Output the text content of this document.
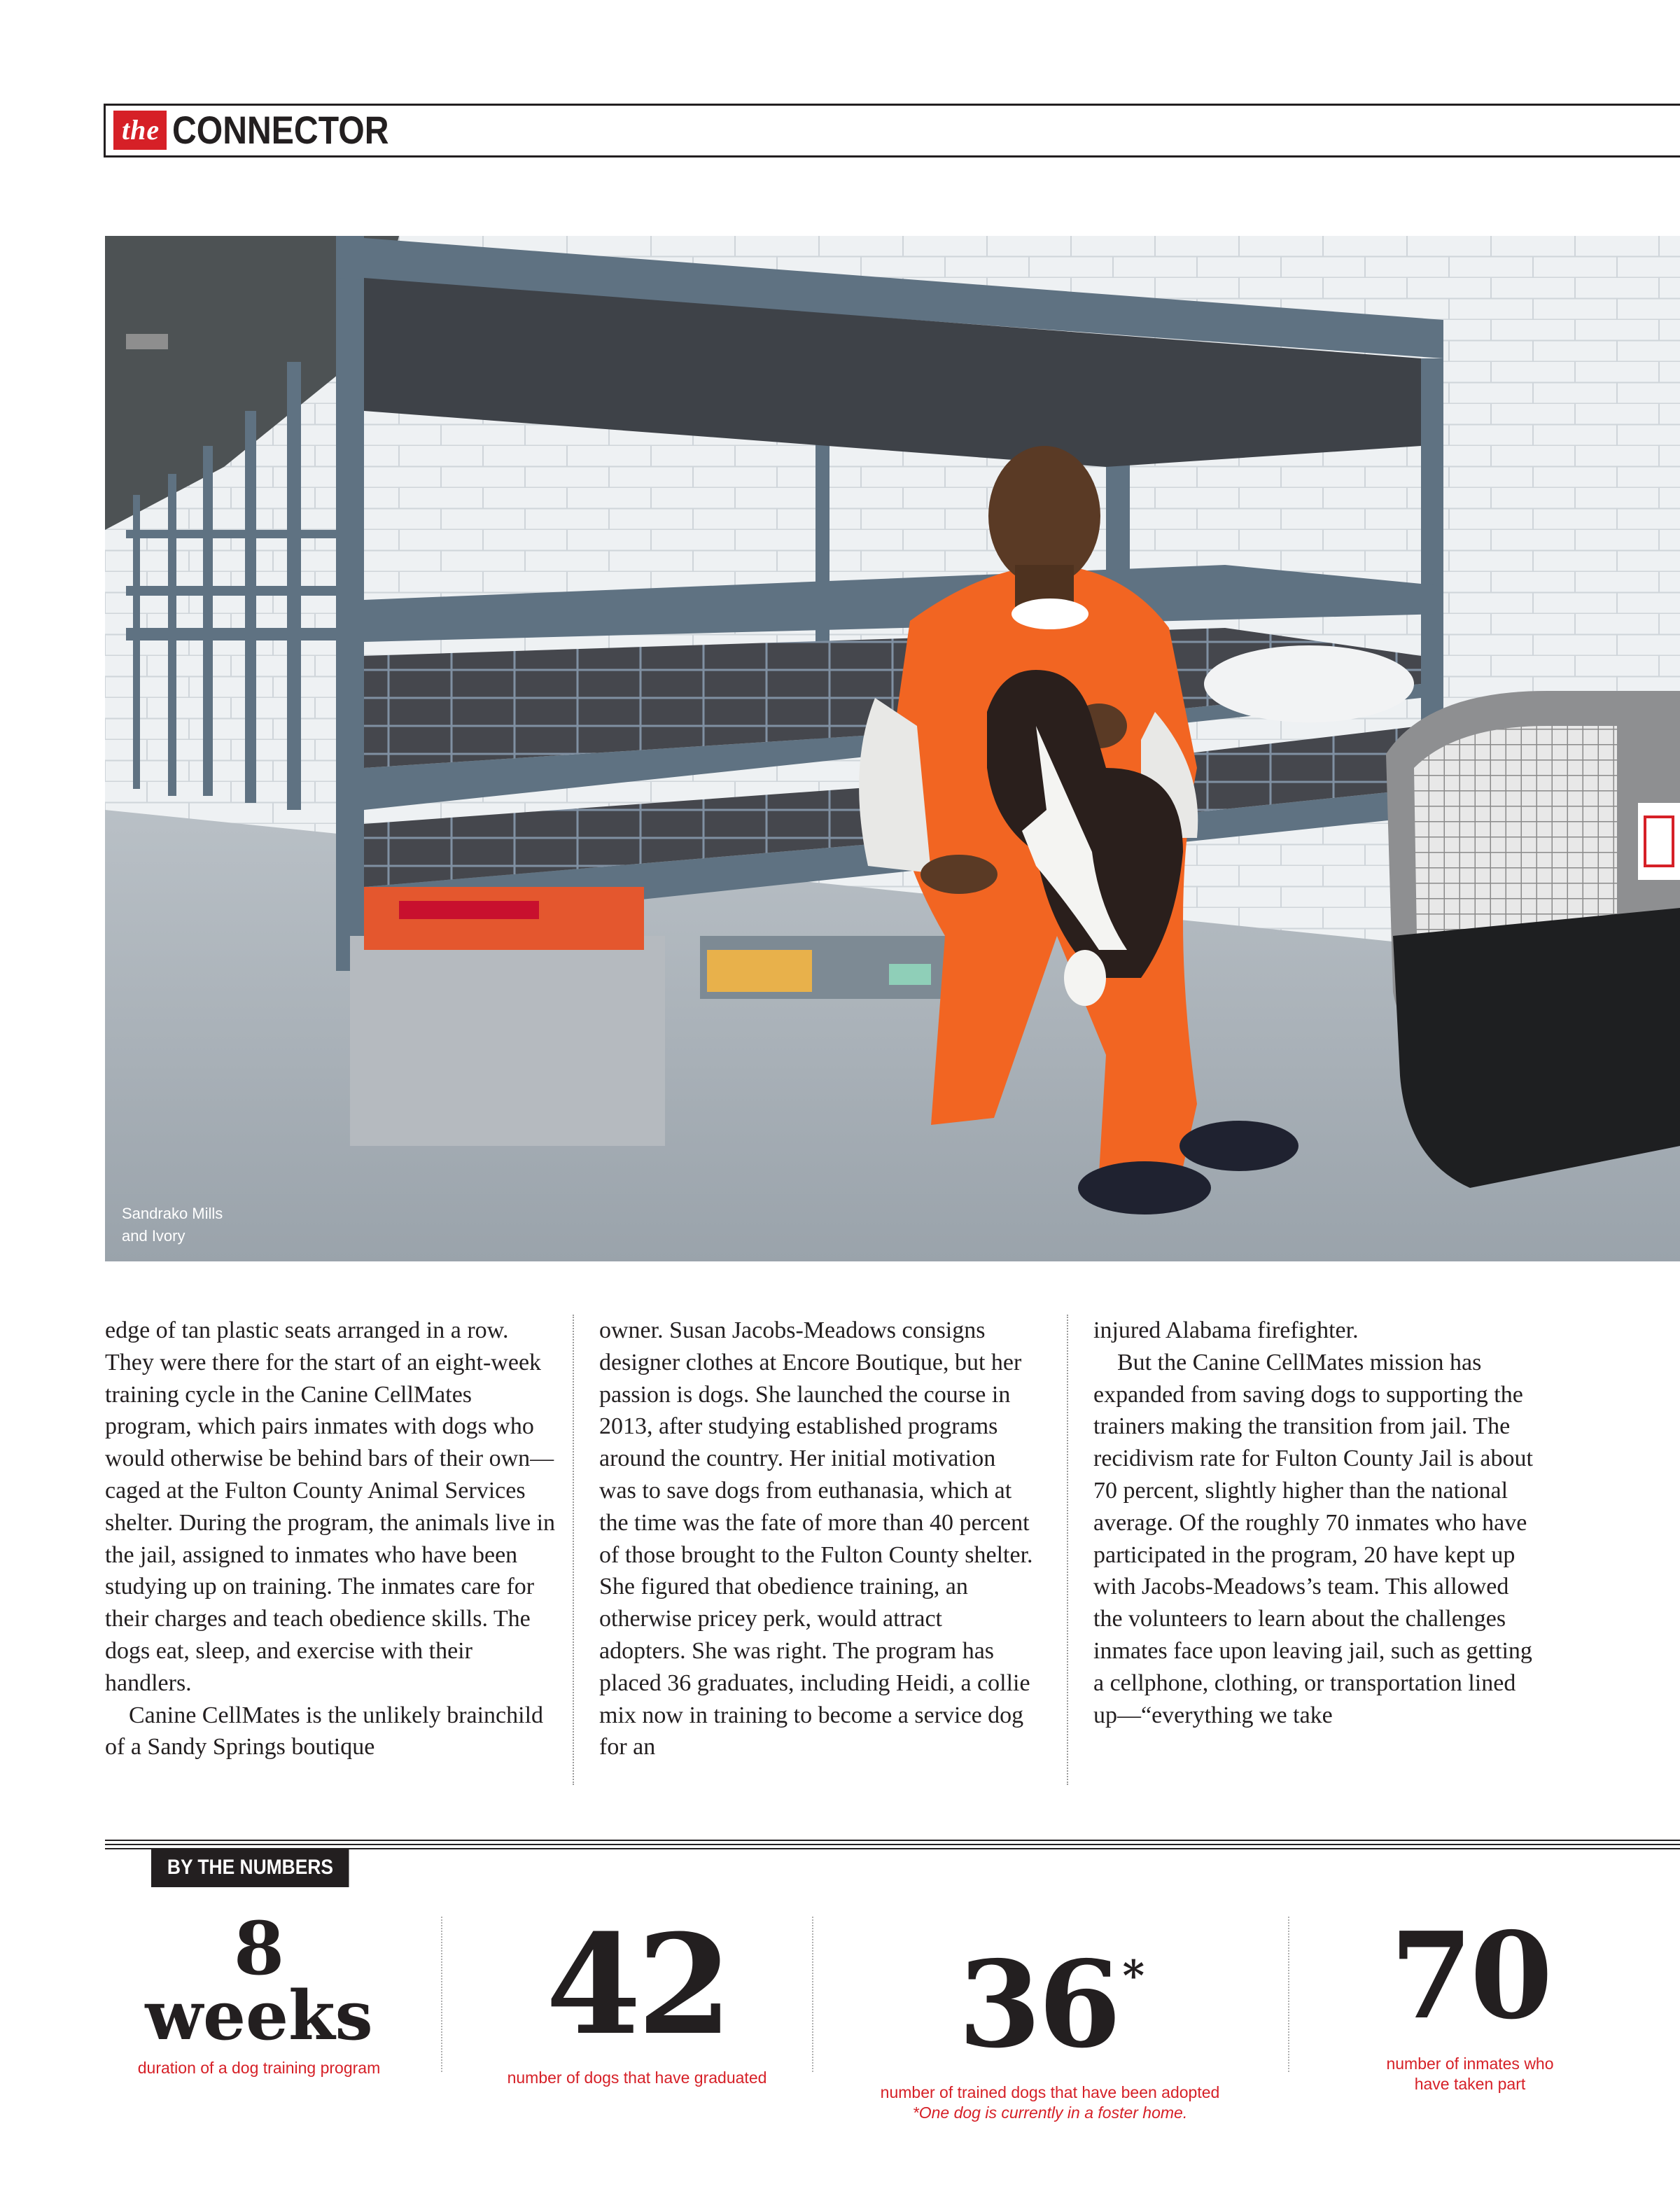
the CONNECTOR
Sandrako Mills
and Ivory

edge of tan plastic seats arranged in a row. They were there for the start of an eight-week training cycle in the Canine CellMates program, which pairs inmates with dogs who would otherwise be behind bars of their own—caged at the Fulton County Animal Services shelter. During the program, the animals live in the jail, assigned to inmates who have been studying up on training. The inmates care for their charges and teach obedience skills. The dogs eat, sleep, and exercise with their handlers.

Canine CellMates is the unlikely brainchild of a Sandy Springs boutique

owner. Susan Jacobs-Meadows consigns designer clothes at Encore Boutique, but her passion is dogs. She launched the course in 2013, after studying established programs around the country. Her initial motivation was to save dogs from euthanasia, which at the time was the fate of more than 40 percent of those brought to the Fulton County shelter. She figured that obedience training, an otherwise pricey perk, would attract adopters. She was right. The program has placed 36 graduates, including Heidi, a collie mix now in training to become a service dog for an

injured Alabama firefighter.

But the Canine CellMates mission has expanded from saving dogs to supporting the trainers making the transition from jail. The recidivism rate for Fulton County Jail is about 70 percent, slightly higher than the national average. Of the roughly 70 inmates who have participated in the program, 20 have kept up with Jacobs-Meadows’s team. This allowed the volunteers to learn about the challenges inmates face upon leaving jail, such as getting a cellphone, clothing, or transportation lined up—“everything we take

BY THE NUMBERS
8
weeks
duration of a dog training program
42
number of dogs that have graduated
36 *
number of trained dogs that have been adopted
*One dog is currently in a foster home.
70
number of inmates who
have taken part
